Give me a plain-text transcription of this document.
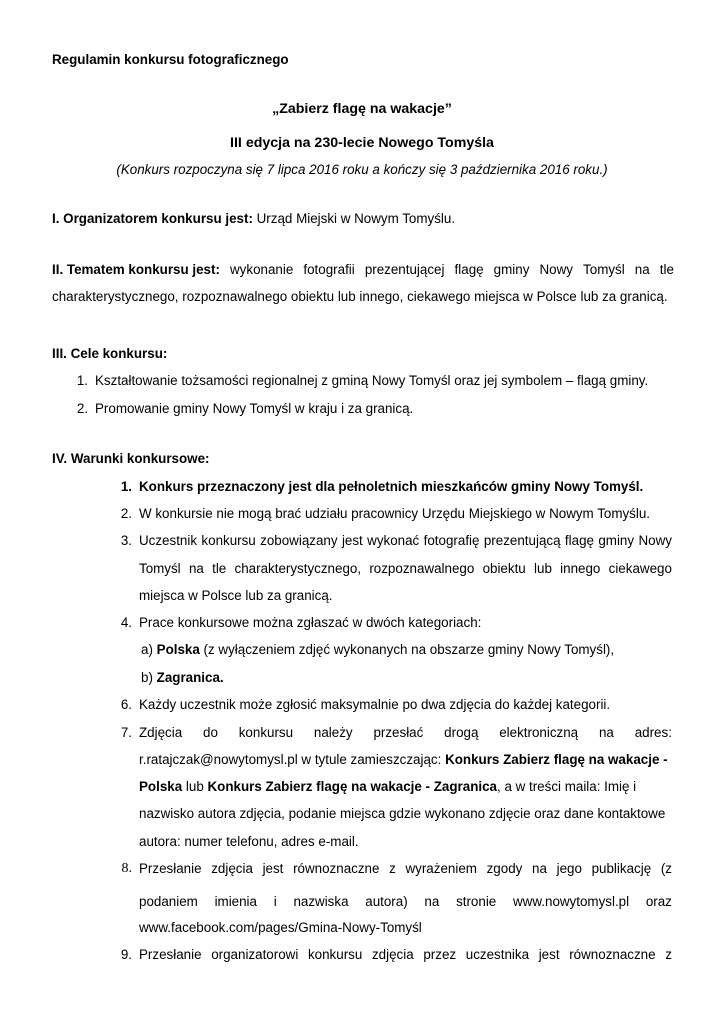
Regulamin konkursu fotograficznego
„Zabierz flagę na wakacje”
III edycja na 230-lecie Nowego Tomyśla
(Konkurs rozpoczyna się 7 lipca 2016 roku a kończy się 3 października 2016 roku.)
I. Organizatorem konkursu jest: Urząd Miejski w Nowym Tomyślu.
II. Tematem konkursu jest: wykonanie fotografii prezentującej flagę gminy Nowy Tomyśl na tle
charakterystycznego, rozpoznawalnego obiektu lub innego, ciekawego miejsca w Polsce lub za granicą.
III. Cele konkursu:
1. Kształtowanie tożsamości regionalnej z gminą Nowy Tomyśl oraz jej symbolem – flagą gminy.
2. Promowanie gminy Nowy Tomyśl w kraju i za granicą.
IV. Warunki konkursowe:
1. Konkurs przeznaczony jest dla pełnoletnich mieszkańców gminy Nowy Tomyśl.
2. W konkursie nie mogą brać udziału pracownicy Urzędu Miejskiego w Nowym Tomyślu.
3. Uczestnik konkursu zobowiązany jest wykonać fotografię prezentującą flagę gminy Nowy
Tomyśl na tle charakterystycznego, rozpoznawalnego obiektu lub innego ciekawego
miejsca w Polsce lub za granicą.
4. Prace konkursowe można zgłaszać w dwóch kategoriach:
a) Polska (z wyłączeniem zdjęć wykonanych na obszarze gminy Nowy Tomyśl),
b) Zagranica.
6. Każdy uczestnik może zgłosić maksymalnie po dwa zdjęcia do każdej kategorii.
7. Zdjęcia do konkursu należy przesłać drogą elektroniczną na adres:
r.ratajczak@nowytomysl.pl w tytule zamieszczając: Konkurs Zabierz flagę na wakacje -
Polska lub Konkurs Zabierz flagę na wakacje - Zagranica, a w treści maila: Imię i
nazwisko autora zdjęcia, podanie miejsca gdzie wykonano zdjęcie oraz dane kontaktowe
autora: numer telefonu, adres e-mail.
8. Przesłanie zdjęcia jest równoznaczne z wyrażeniem zgody na jego publikację (z
podaniem imienia i nazwiska autora) na stronie www.nowytomysl.pl oraz
www.facebook.com/pages/Gmina-Nowy-Tomyśl
9. Przesłanie organizatorowi konkursu zdjęcia przez uczestnika jest równoznaczne z
